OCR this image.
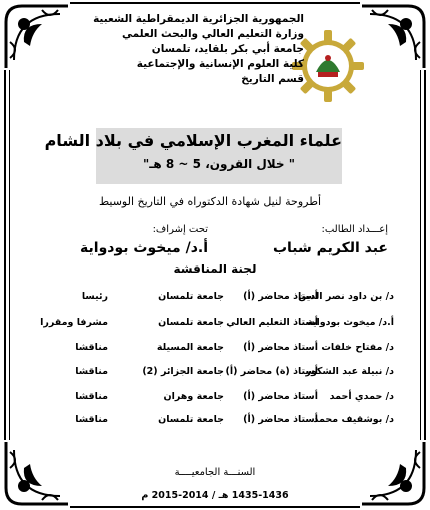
الجمهورية الجزائرية الديمقراطية الشعبية
وزارة التعليم العالي والبحث العلمي
جامعة أبي بكر بلقايد، تلمسان
كلية العلوم الإنسانية والإجتماعية
قسم التاريخ
علماء المغرب الإسلامي في بلاد الشام
" خلال القرون، 5 ~ 8 هـ"
أطروحة لنيل شهادة الدكتوراه في التاريخ الوسيط
إعـــداد الطالب:
عبد الكريم شباب
تحت إشراف:
أ.د/ ميخوث بودواية
لجنة المناقشة
د/ بن داود نصر الدين
أستاذ محاضر (أ)
جامعة تلمسان
رئيسا
أ.د/ ميخوث بودواية
أستاذ التعليم العالي
جامعة تلمسان
مشرفا ومقررا
د/ مفتاح خلفات
أستاذ محاضر (أ)
جامعة المسيلة
مناقشا
د/ نبيلة عبد الشكور
أستاذ (ة) محاضر (أ)
جامعة الجزائر (2)
مناقشا
د/ حمدي أحمد
أستاذ محاضر (أ)
جامعة وهران
مناقشا
د/ بوشقيف محمد
أستاذ محاضر (أ)
جامعة تلمسان
مناقشا
السنـــة الجامعيــــة
1435-1436 هـ / 2014-2015 م
